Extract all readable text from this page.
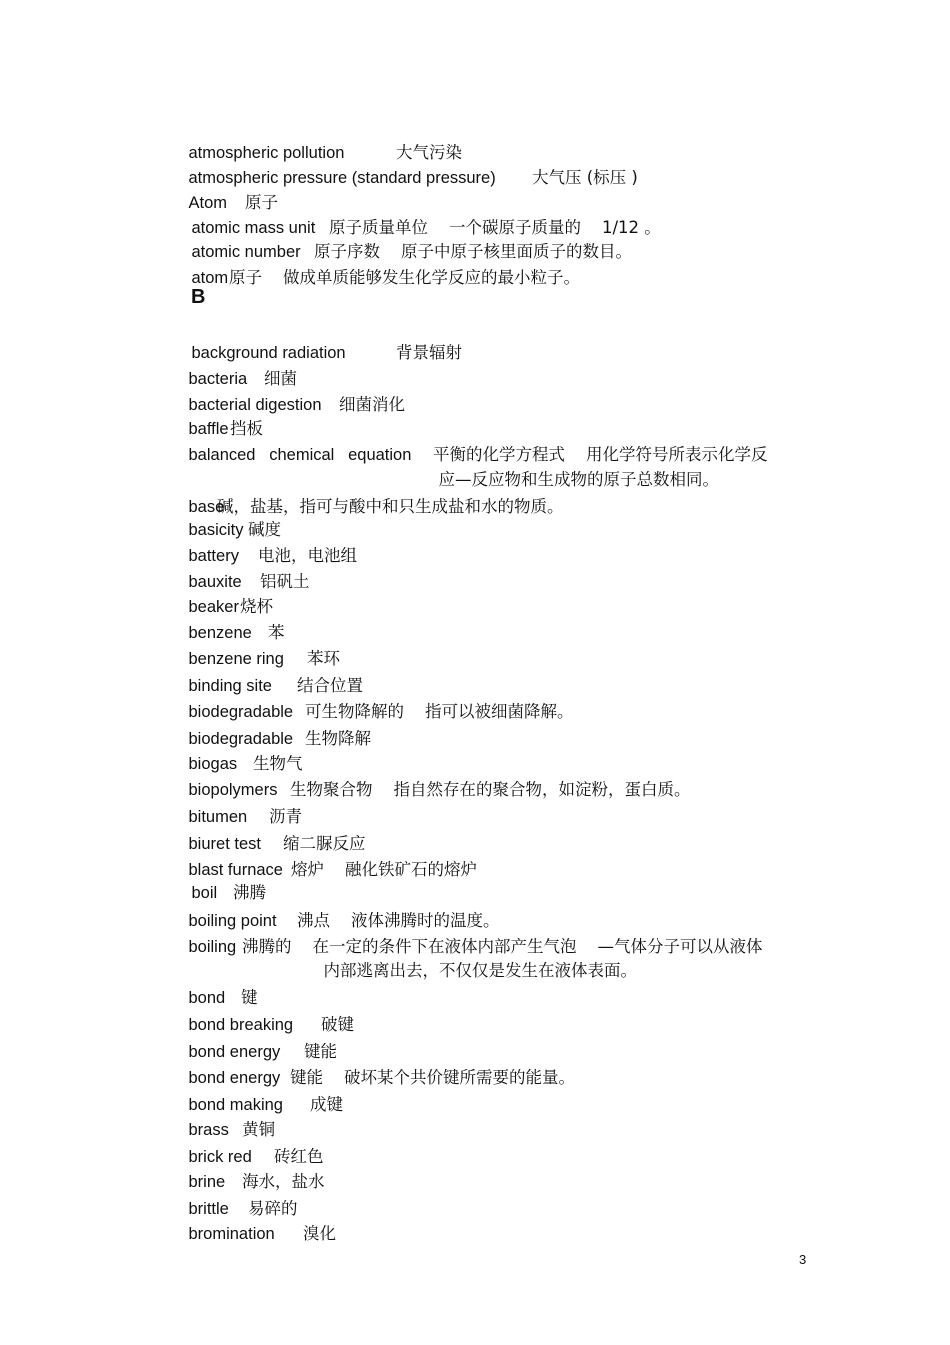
atmospheric pollution	大气污染

atmospheric pressure (standard pressure) 大气压 (标压 )

Atom 原子

atomic mass unit 原子质量单位    一个碳原子质量的    1/12 。

atomic number 原子序数    原子中原子核里面质子的数目。

atom 原子    做成单质能够发生化学反应的最小粒子。

B

background radiation	背景辐射

bacteria 细菌

bacterial digestion 细菌消化

baffle 挡板

balanced   chemical   equation 平衡的化学方程式    用化学符号所表示化学反

应—反应物和生成物的原子总数相同。

base
碱，盐基，指可与酸中和只生成盐和水的物质。

basicity 碱度

battery 电池，电池组

bauxite 铝矾土

beaker 烧杯

benzene 苯

benzene ring 苯环

binding site 结合位置

biodegradable 可生物降解的    指可以被细菌降解。

biodegradable 生物降解

biogas 生物气

biopolymers 生物聚合物    指自然存在的聚合物，如淀粉，蛋白质。

bitumen 沥青

biuret test 缩二脲反应

blast furnace 熔炉    融化铁矿石的熔炉

boil 沸腾

boiling point 沸点    液体沸腾时的温度。

boiling 沸腾的    在一定的条件下在液体内部产生气泡    —气体分子可以从液体

内部逃离出去，不仅仅是发生在液体表面。

bond 键

bond breaking 破键

bond energy 键能

bond energy 键能    破坏某个共价键所需要的能量。

bond making 成键

brass 黄铜

brick red 砖红色

brine 海水，盐水

brittle 易碎的

bromination 溴化

3
